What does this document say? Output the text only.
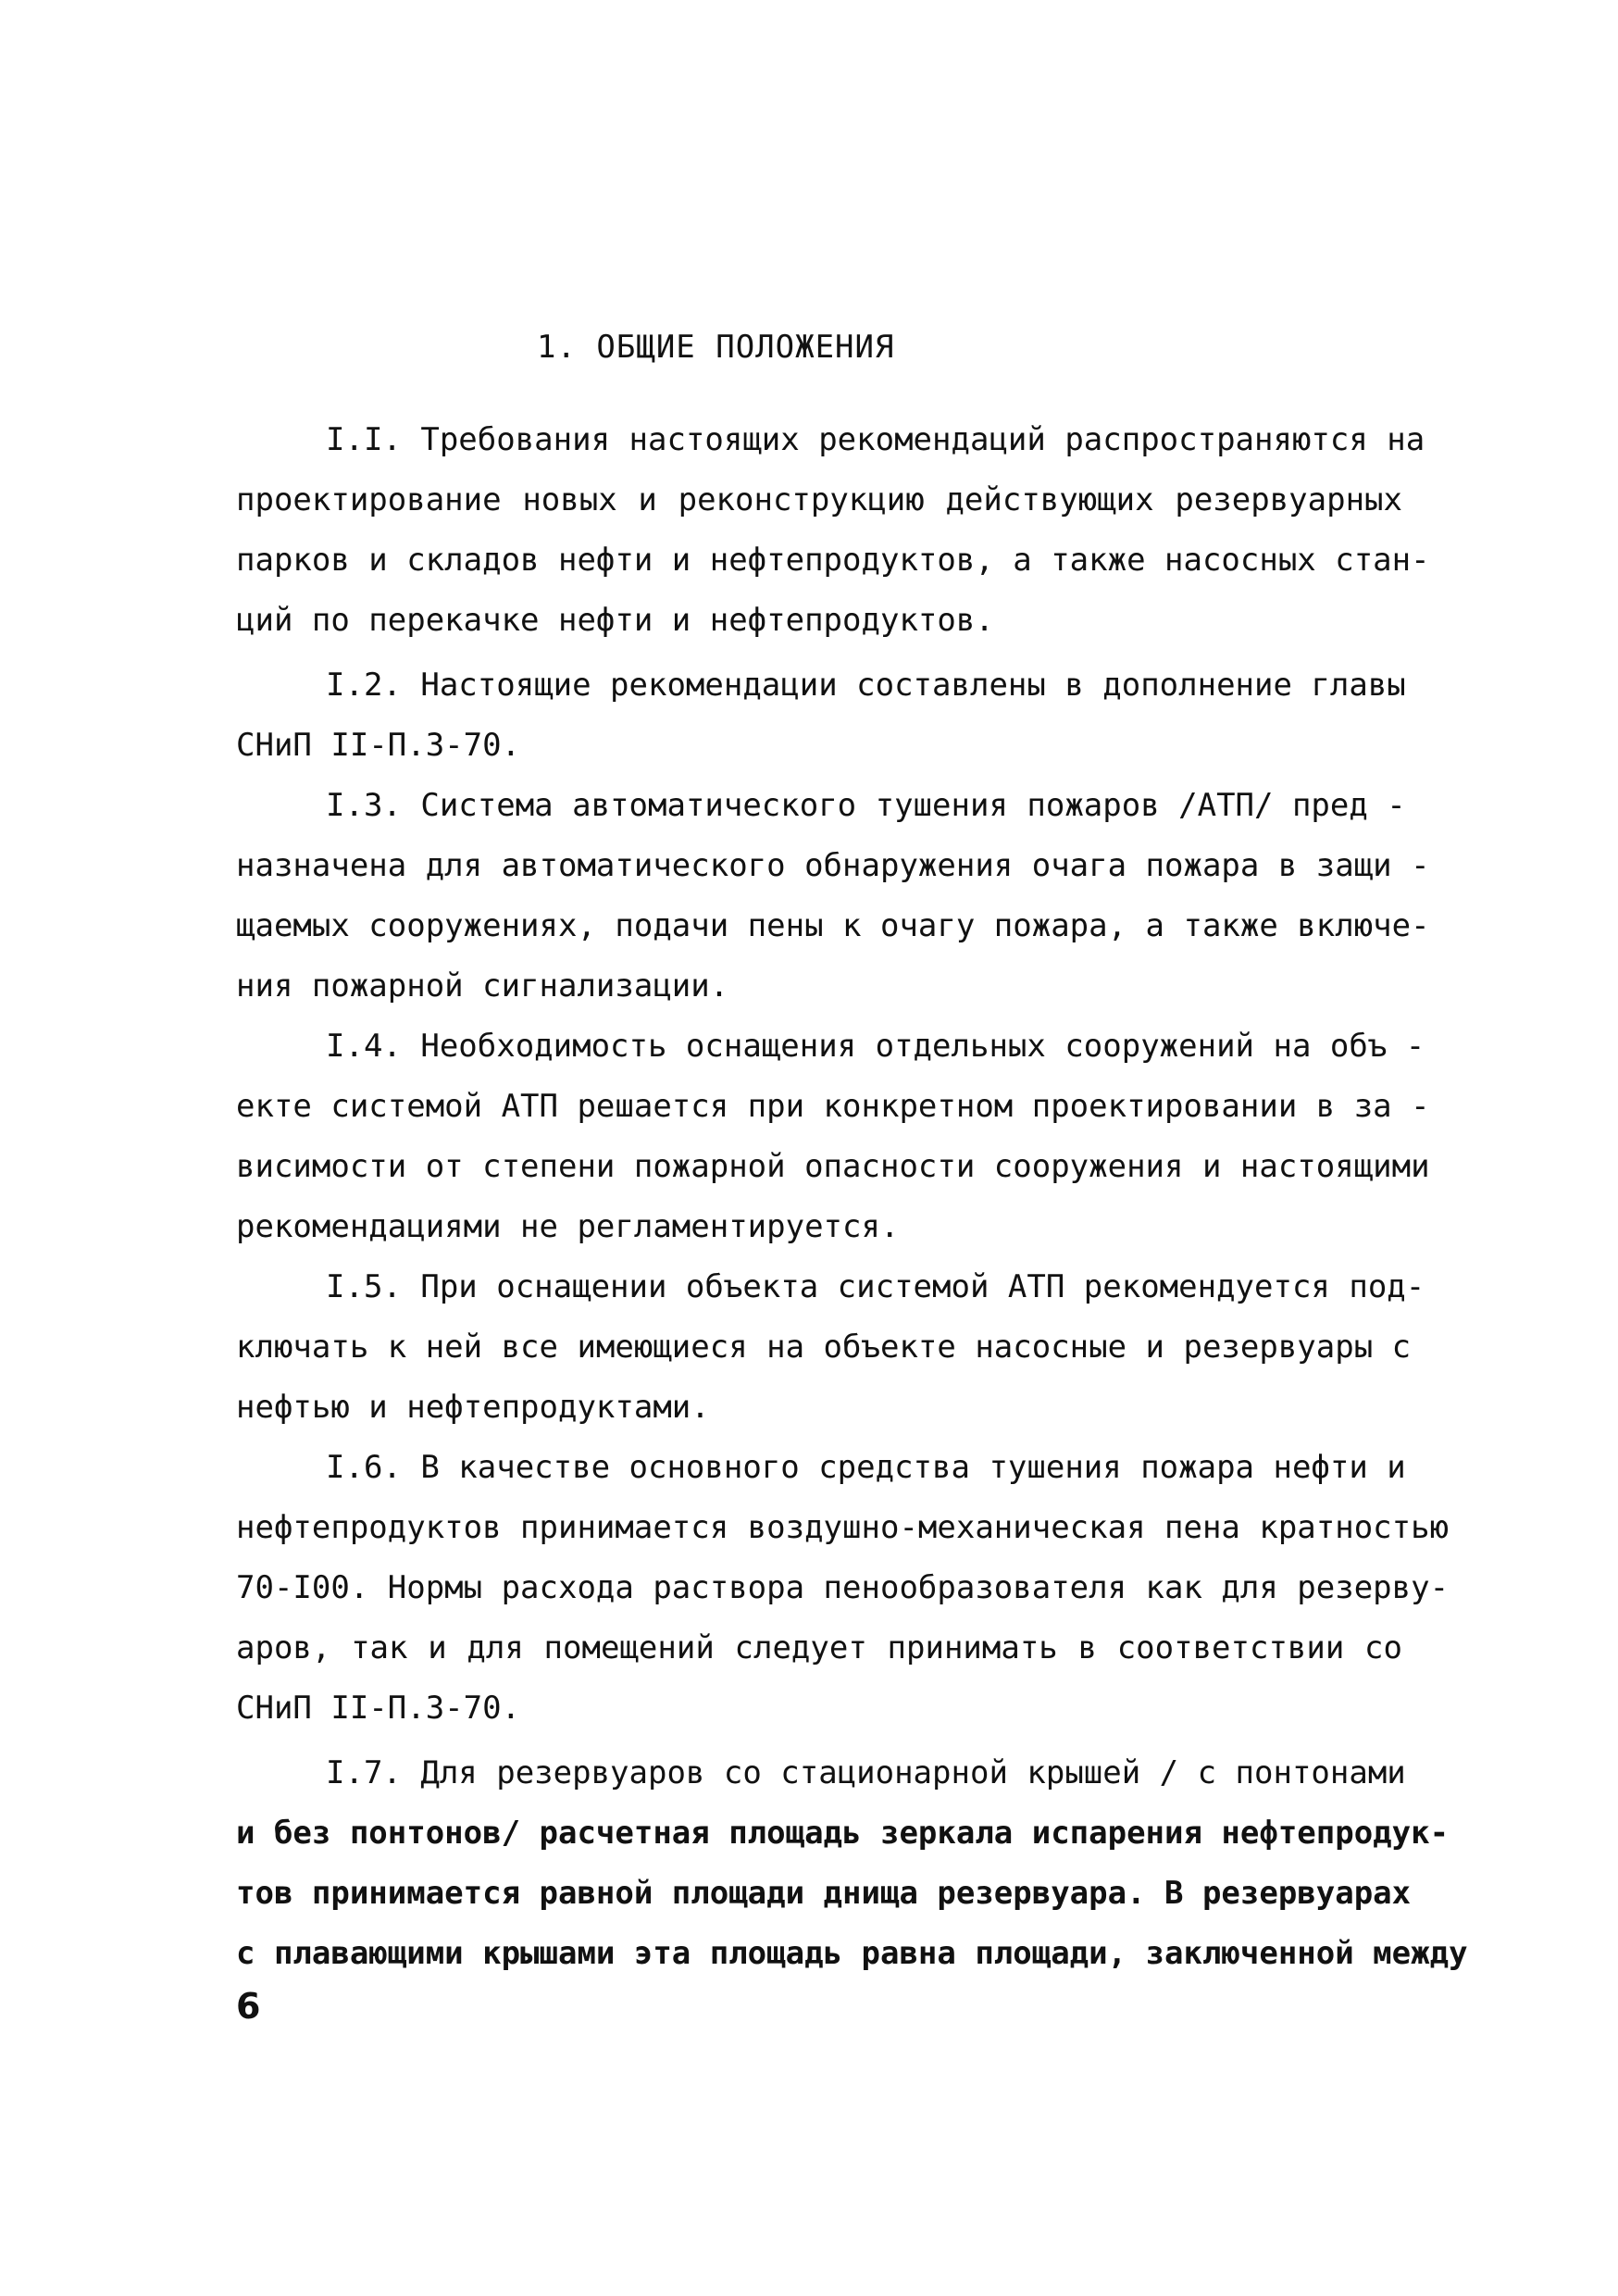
1. ОБЩИЕ ПОЛОЖЕНИЯ
I.I. Требования настоящих рекомендаций распространяются на
проектирование новых и реконструкцию действующих резервуарных
парков и складов нефти и нефтепродуктов, а также насосных стан-
ций по перекачке нефти и нефтепродуктов.
I.2. Настоящие рекомендации составлены в дополнение главы
СНиП II-П.3-70.
I.3. Система автоматического тушения пожаров /АТП/ пред -
назначена для автоматического обнаружения очага пожара в защи -
щаемых сооружениях, подачи пены к очагу пожара, а также включе-
ния пожарной сигнализации.
I.4. Необходимость оснащения отдельных сооружений на объ -
екте системой АТП решается при конкретном проектировании в за -
висимости от степени пожарной опасности сооружения и настоящими
рекомендациями не регламентируется.
I.5. При оснащении объекта системой АТП рекомендуется под-
ключать к ней все имеющиеся на объекте насосные и резервуары с
нефтью и нефтепродуктами.
I.6. В качестве основного средства тушения пожара нефти и
нефтепродуктов принимается воздушно-механическая пена кратностью
70-I00. Нормы расхода раствора пенообразователя как для резерву-
аров, так и для помещений следует принимать в соответствии со
СНиП II-П.3-70.
I.7. Для резервуаров со стационарной крышей / с понтонами
и без понтонов/ расчетная площадь зеркала испарения нефтепродук-
тов принимается равной площади днища резервуара. В резервуарах
с плавающими крышами эта площадь равна площади, заключенной между
6
